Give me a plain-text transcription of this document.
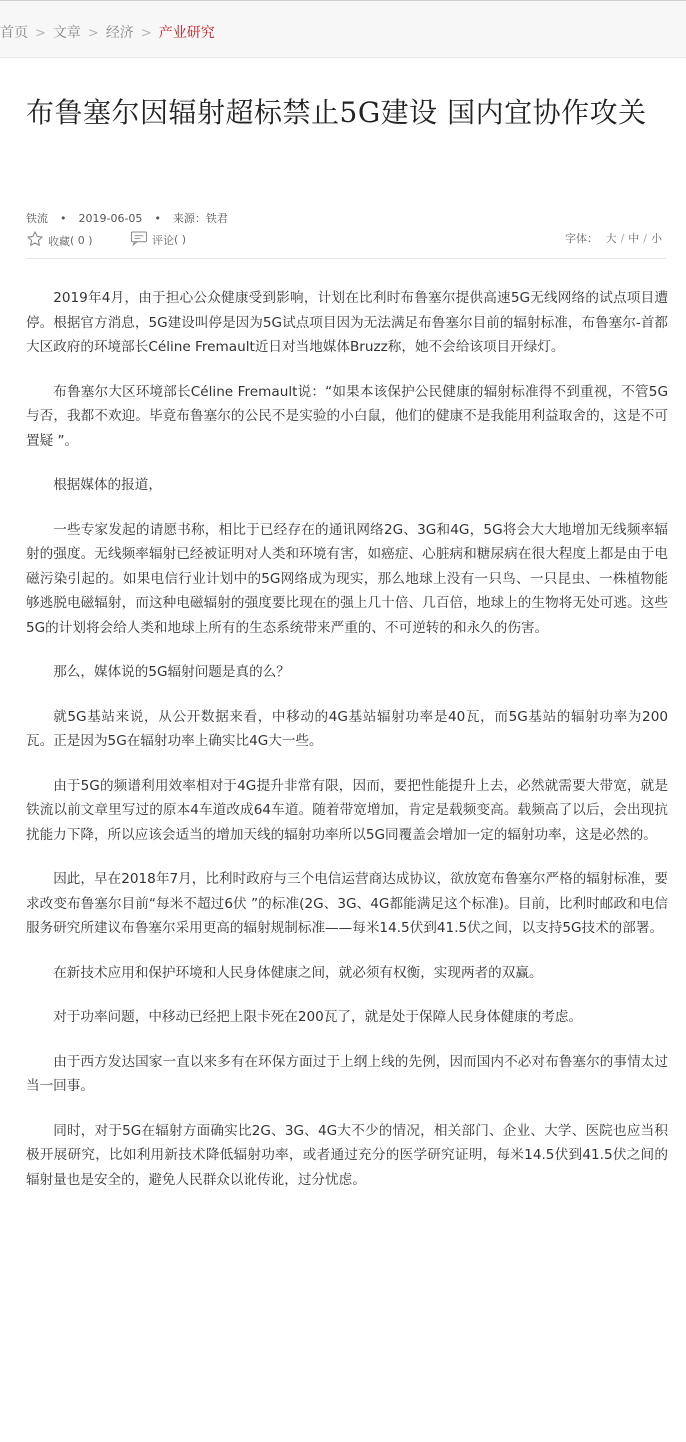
首页 > 文章 > 经济 > 产业研究
布鲁塞尔因辐射超标禁止5G建设 国内宜协作攻关
铁流 • 2019-06-05 • 来源：铁君
收藏 ( 0 )	评论 ( )	字体： 大 / 中 / 小

2019年4月，由于担心公众健康受到影响，计划在比利时布鲁塞尔提供高速5G无线网络的试点项目遭停。根据官方消息，5G建设叫停是因为5G试点项目因为无法满足布鲁塞尔目前的辐射标准，布鲁塞尔-首都大区政府的环境部长Céline Fremault近日对当地媒体Bruzz称，她不会给该项目开绿灯。

布鲁塞尔大区环境部长Céline Fremault说：“如果本该保护公民健康的辐射标准得不到重视，不管5G与否，我都不欢迎。毕竟布鲁塞尔的公民不是实验的小白鼠，他们的健康不是我能用利益取舍的，这是不可置疑 ”。

根据媒体的报道，

一些专家发起的请愿书称，相比于已经存在的通讯网络2G、3G和4G，5G将会大大地增加无线频率辐射的强度。无线频率辐射已经被证明对人类和环境有害，如癌症、心脏病和糖尿病在很大程度上都是由于电磁污染引起的。如果电信行业计划中的5G网络成为现实，那么地球上没有一只鸟、一只昆虫、一株植物能够逃脱电磁辐射，而这种电磁辐射的强度要比现在的强上几十倍、几百倍，地球上的生物将无处可逃。这些5G的计划将会给人类和地球上所有的生态系统带来严重的、不可逆转的和永久的伤害。

那么，媒体说的5G辐射问题是真的么？

就5G基站来说，从公开数据来看，中移动的4G基站辐射功率是40瓦，而5G基站的辐射功率为200瓦。正是因为5G在辐射功率上确实比4G大一些。

由于5G的频谱利用效率相对于4G提升非常有限，因而，要把性能提升上去，必然就需要大带宽，就是铁流以前文章里写过的原本4车道改成64车道。随着带宽增加，肯定是载频变高。载频高了以后，会出现抗扰能力下降，所以应该会适当的增加天线的辐射功率所以5G同覆盖会增加一定的辐射功率，这是必然的。

因此，早在2018年7月，比利时政府与三个电信运营商达成协议，欲放宽布鲁塞尔严格的辐射标准，要求改变布鲁塞尔目前“每米不超过6伏 ”的标准(2G、3G、4G都能满足这个标准)。目前，比利时邮政和电信服务研究所建议布鲁塞尔采用更高的辐射规制标准——每米14.5伏到41.5伏之间，以支持5G技术的部署。

在新技术应用和保护环境和人民身体健康之间，就必须有权衡，实现两者的双赢。

对于功率问题，中移动已经把上限卡死在200瓦了，就是处于保障人民身体健康的考虑。

由于西方发达国家一直以来多有在环保方面过于上纲上线的先例，因而国内不必对布鲁塞尔的事情太过当一回事。

同时，对于5G在辐射方面确实比2G、3G、4G大不少的情况，相关部门、企业、大学、医院也应当积极开展研究，比如利用新技术降低辐射功率，或者通过充分的医学研究证明，每米14.5伏到41.5伏之间的辐射量也是安全的，避免人民群众以讹传讹，过分忧虑。
